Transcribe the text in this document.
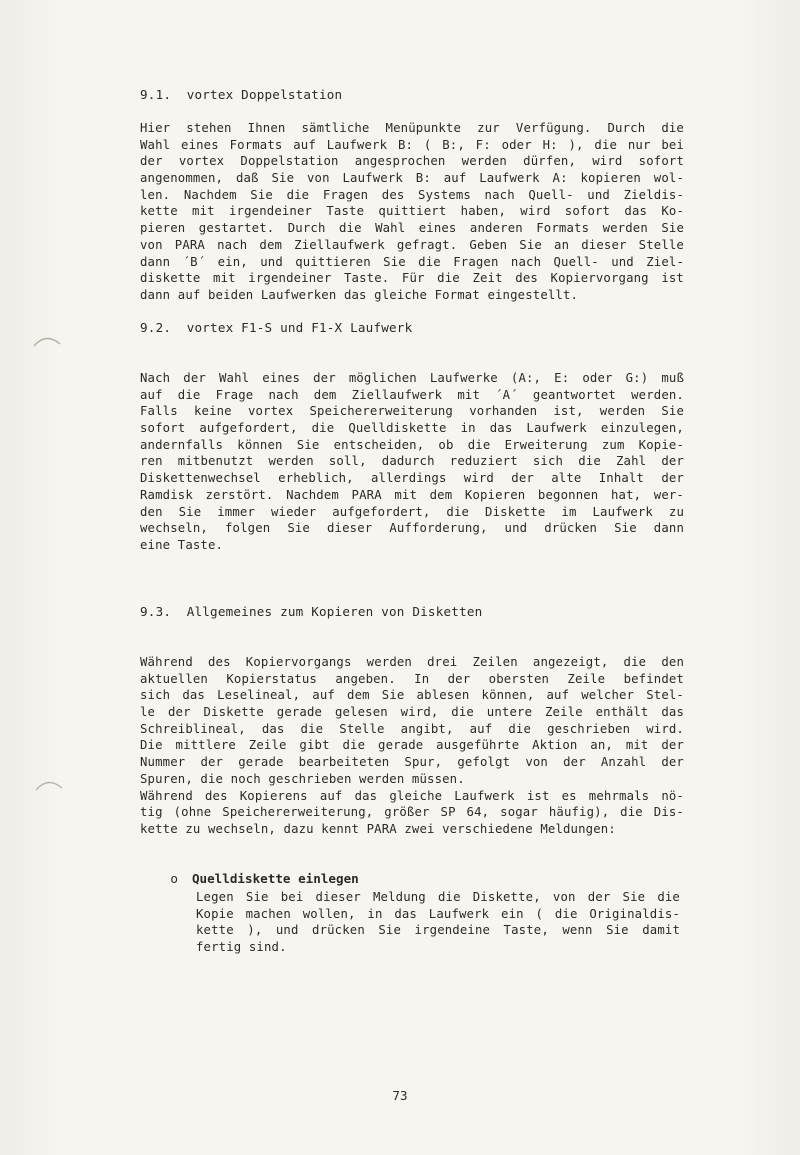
9.1.  vortex Doppelstation
Hier stehen Ihnen sämtliche Menüpunkte zur Verfügung. Durch die
Wahl eines Formats auf Laufwerk B: ( B:, F: oder H: ), die nur bei
der vortex Doppelstation angesprochen werden dürfen, wird sofort
angenommen, daß Sie von Laufwerk B: auf Laufwerk A: kopieren wol-
len. Nachdem Sie die Fragen des Systems nach Quell- und Zieldis-
kette mit irgendeiner Taste quittiert haben, wird sofort das Ko-
pieren gestartet. Durch die Wahl eines anderen Formats werden Sie
von PARA nach dem Ziellaufwerk gefragt. Geben Sie an dieser Stelle
dann ´B´ ein, und quittieren Sie die Fragen nach Quell- und Ziel-
diskette mit irgendeiner Taste. Für die Zeit des Kopiervorgang ist
dann auf beiden Laufwerken das gleiche Format eingestellt.
9.2.  vortex F1-S und F1-X Laufwerk
Nach der Wahl eines der möglichen Laufwerke (A:, E: oder G:) muß
auf die Frage nach dem Ziellaufwerk mit ´A´ geantwortet werden.
Falls keine vortex Speichererweiterung vorhanden ist, werden Sie
sofort aufgefordert, die Quelldiskette in das Laufwerk einzulegen,
andernfalls können Sie entscheiden, ob die Erweiterung zum Kopie-
ren mitbenutzt werden soll, dadurch reduziert sich die Zahl der
Diskettenwechsel erheblich, allerdings wird der alte Inhalt der
Ramdisk zerstört. Nachdem PARA mit dem Kopieren begonnen hat, wer-
den Sie immer wieder aufgefordert, die Diskette im Laufwerk zu
wechseln, folgen Sie dieser Aufforderung, und drücken Sie dann
eine Taste.
9.3.  Allgemeines zum Kopieren von Disketten
Während des Kopiervorgangs werden drei Zeilen angezeigt, die den
aktuellen Kopierstatus angeben. In der obersten Zeile befindet
sich das Leselineal, auf dem Sie ablesen können, auf welcher Stel-
le der Diskette gerade gelesen wird, die untere Zeile enthält das
Schreiblineal, das die Stelle angibt, auf die geschrieben wird.
Die mittlere Zeile gibt die gerade ausgeführte Aktion an, mit der
Nummer der gerade bearbeiteten Spur, gefolgt von der Anzahl der
Spuren, die noch geschrieben werden müssen.
Während des Kopierens auf das gleiche Laufwerk ist es mehrmals nö-
tig (ohne Speichererweiterung, größer SP 64, sogar häufig), die Dis-
kette zu wechseln, dazu kennt PARA zwei verschiedene Meldungen:

o Quelldiskette einlegen

Legen Sie bei dieser Meldung die Diskette, von der Sie die
Kopie machen wollen, in das Laufwerk ein ( die Originaldis-
kette ), und drücken Sie irgendeine Taste, wenn Sie damit
fertig sind.
73
